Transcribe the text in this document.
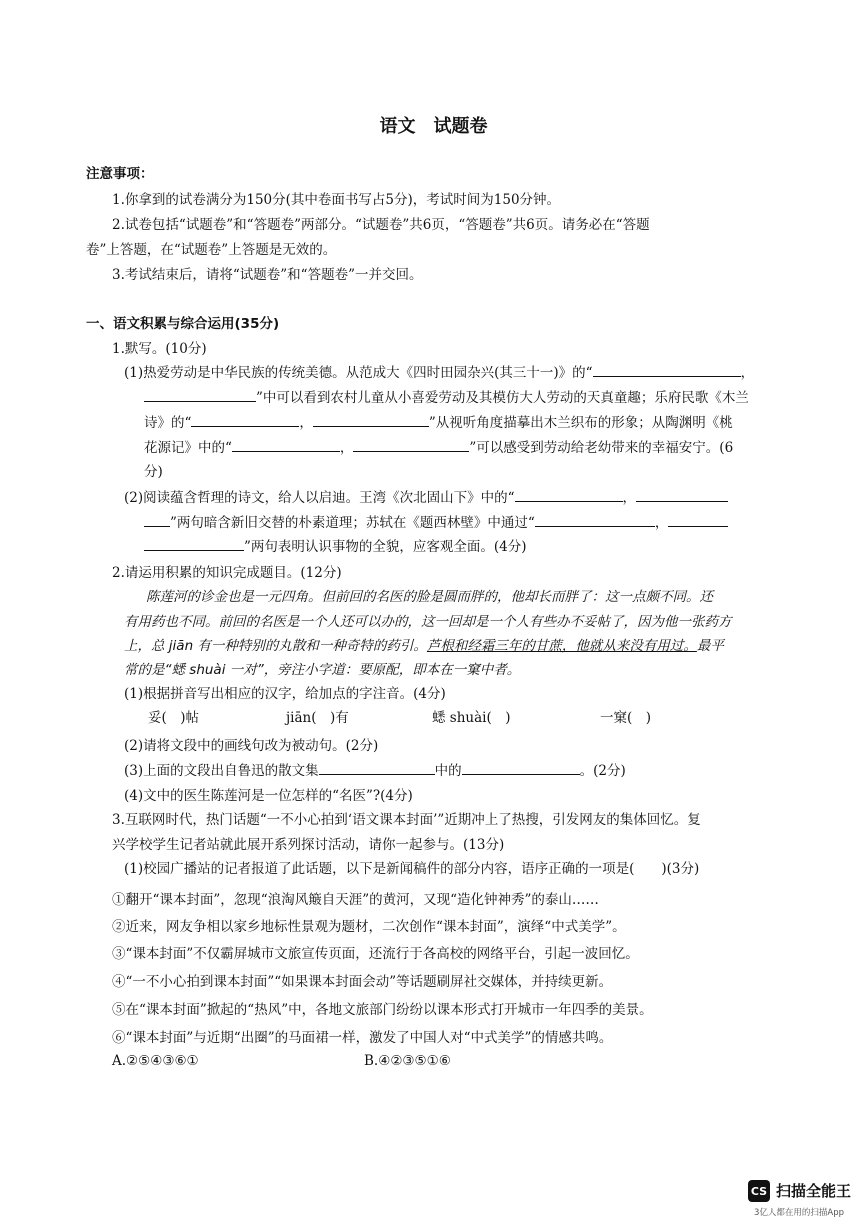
语文　试题卷
注意事项：
1.你拿到的试卷满分为150分(其中卷面书写占5分)，考试时间为150分钟。
2.试卷包括“试题卷”和“答题卷”两部分。“试题卷”共6页，“答题卷”共6页。请务必在“答题
卷”上答题，在“试题卷”上答题是无效的。
3.考试结束后，请将“试题卷”和“答题卷”一并交回。
一、语文积累与综合运用(35分)
1.默写。(10分)
(1)热爱劳动是中华民族的传统美德。从范成大《四时田园杂兴(其三十一)》的“	，
”中可以看到农村儿童从小喜爱劳动及其模仿大人劳动的天真童趣；乐府民歌《木兰
诗》的“	，	”从视听角度描摹出木兰织布的形象；从陶渊明《桃
花源记》中的“	，	”可以感受到劳动给老幼带来的幸福安宁。(6
分)
(2)阅读蕴含哲理的诗文，给人以启迪。王湾《次北固山下》中的“	，
”两句暗含新旧交替的朴素道理；苏轼在《题西林壁》中通过“	，
”两句表明认识事物的全貌，应客观全面。(4分)
2.请运用积累的知识完成题目。(12分)
陈莲河的诊金也是一元四角。但前回的名医的脸是圆而胖的，他却长而胖了：这一点颇不同。还
有用药也不同。前回的名医是一个人还可以办的，这一回却是一个人有些办不妥帖了，因为他一张药方
上，总 jiān 有一种特别的丸散和一种奇特的药引。芦根和经霜三年的甘蔗，他就从来没有用过。最平
常的是“蟋 shuài 一对”，旁注小字道：要原配，即本在一窠中者。
(1)根据拼音写出相应的汉字，给加点的字注音。(4分)
妥(　)帖	jiān(　)有	蟋 shuài(　)	一窠(　)
(2)请将文段中的画线句改为被动句。(2分)
(3)上面的文段出自鲁迅的散文集	中的	。(2分)
(4)文中的医生陈莲河是一位怎样的“名医”?(4分)
3.互联网时代，热门话题“一不小心拍到‘语文课本封面’”近期冲上了热搜，引发网友的集体回忆。复
兴学校学生记者站就此展开系列探讨活动，请你一起参与。(13分)
(1)校园广播站的记者报道了此话题，以下是新闻稿件的部分内容，语序正确的一项是(　　)(3分)
①翻开“课本封面”，忽现“浪淘风簸自天涯”的黄河，又现“造化钟神秀”的泰山……
②近来，网友争相以家乡地标性景观为题材，二次创作“课本封面”，演绎“中式美学”。
③“课本封面”不仅霸屏城市文旅宣传页面，还流行于各高校的网络平台，引起一波回忆。
④“一不小心拍到课本封面”“如果课本封面会动”等话题刷屏社交媒体，并持续更新。
⑤在“课本封面”掀起的“热风”中，各地文旅部门纷纷以课本形式打开城市一年四季的美景。
⑥“课本封面”与近期“出圈”的马面裙一样，激发了中国人对“中式美学”的情感共鸣。
A.②⑤④③⑥①	B.④②③⑤①⑥
CS 扫描全能王
3亿人都在用的扫描App
